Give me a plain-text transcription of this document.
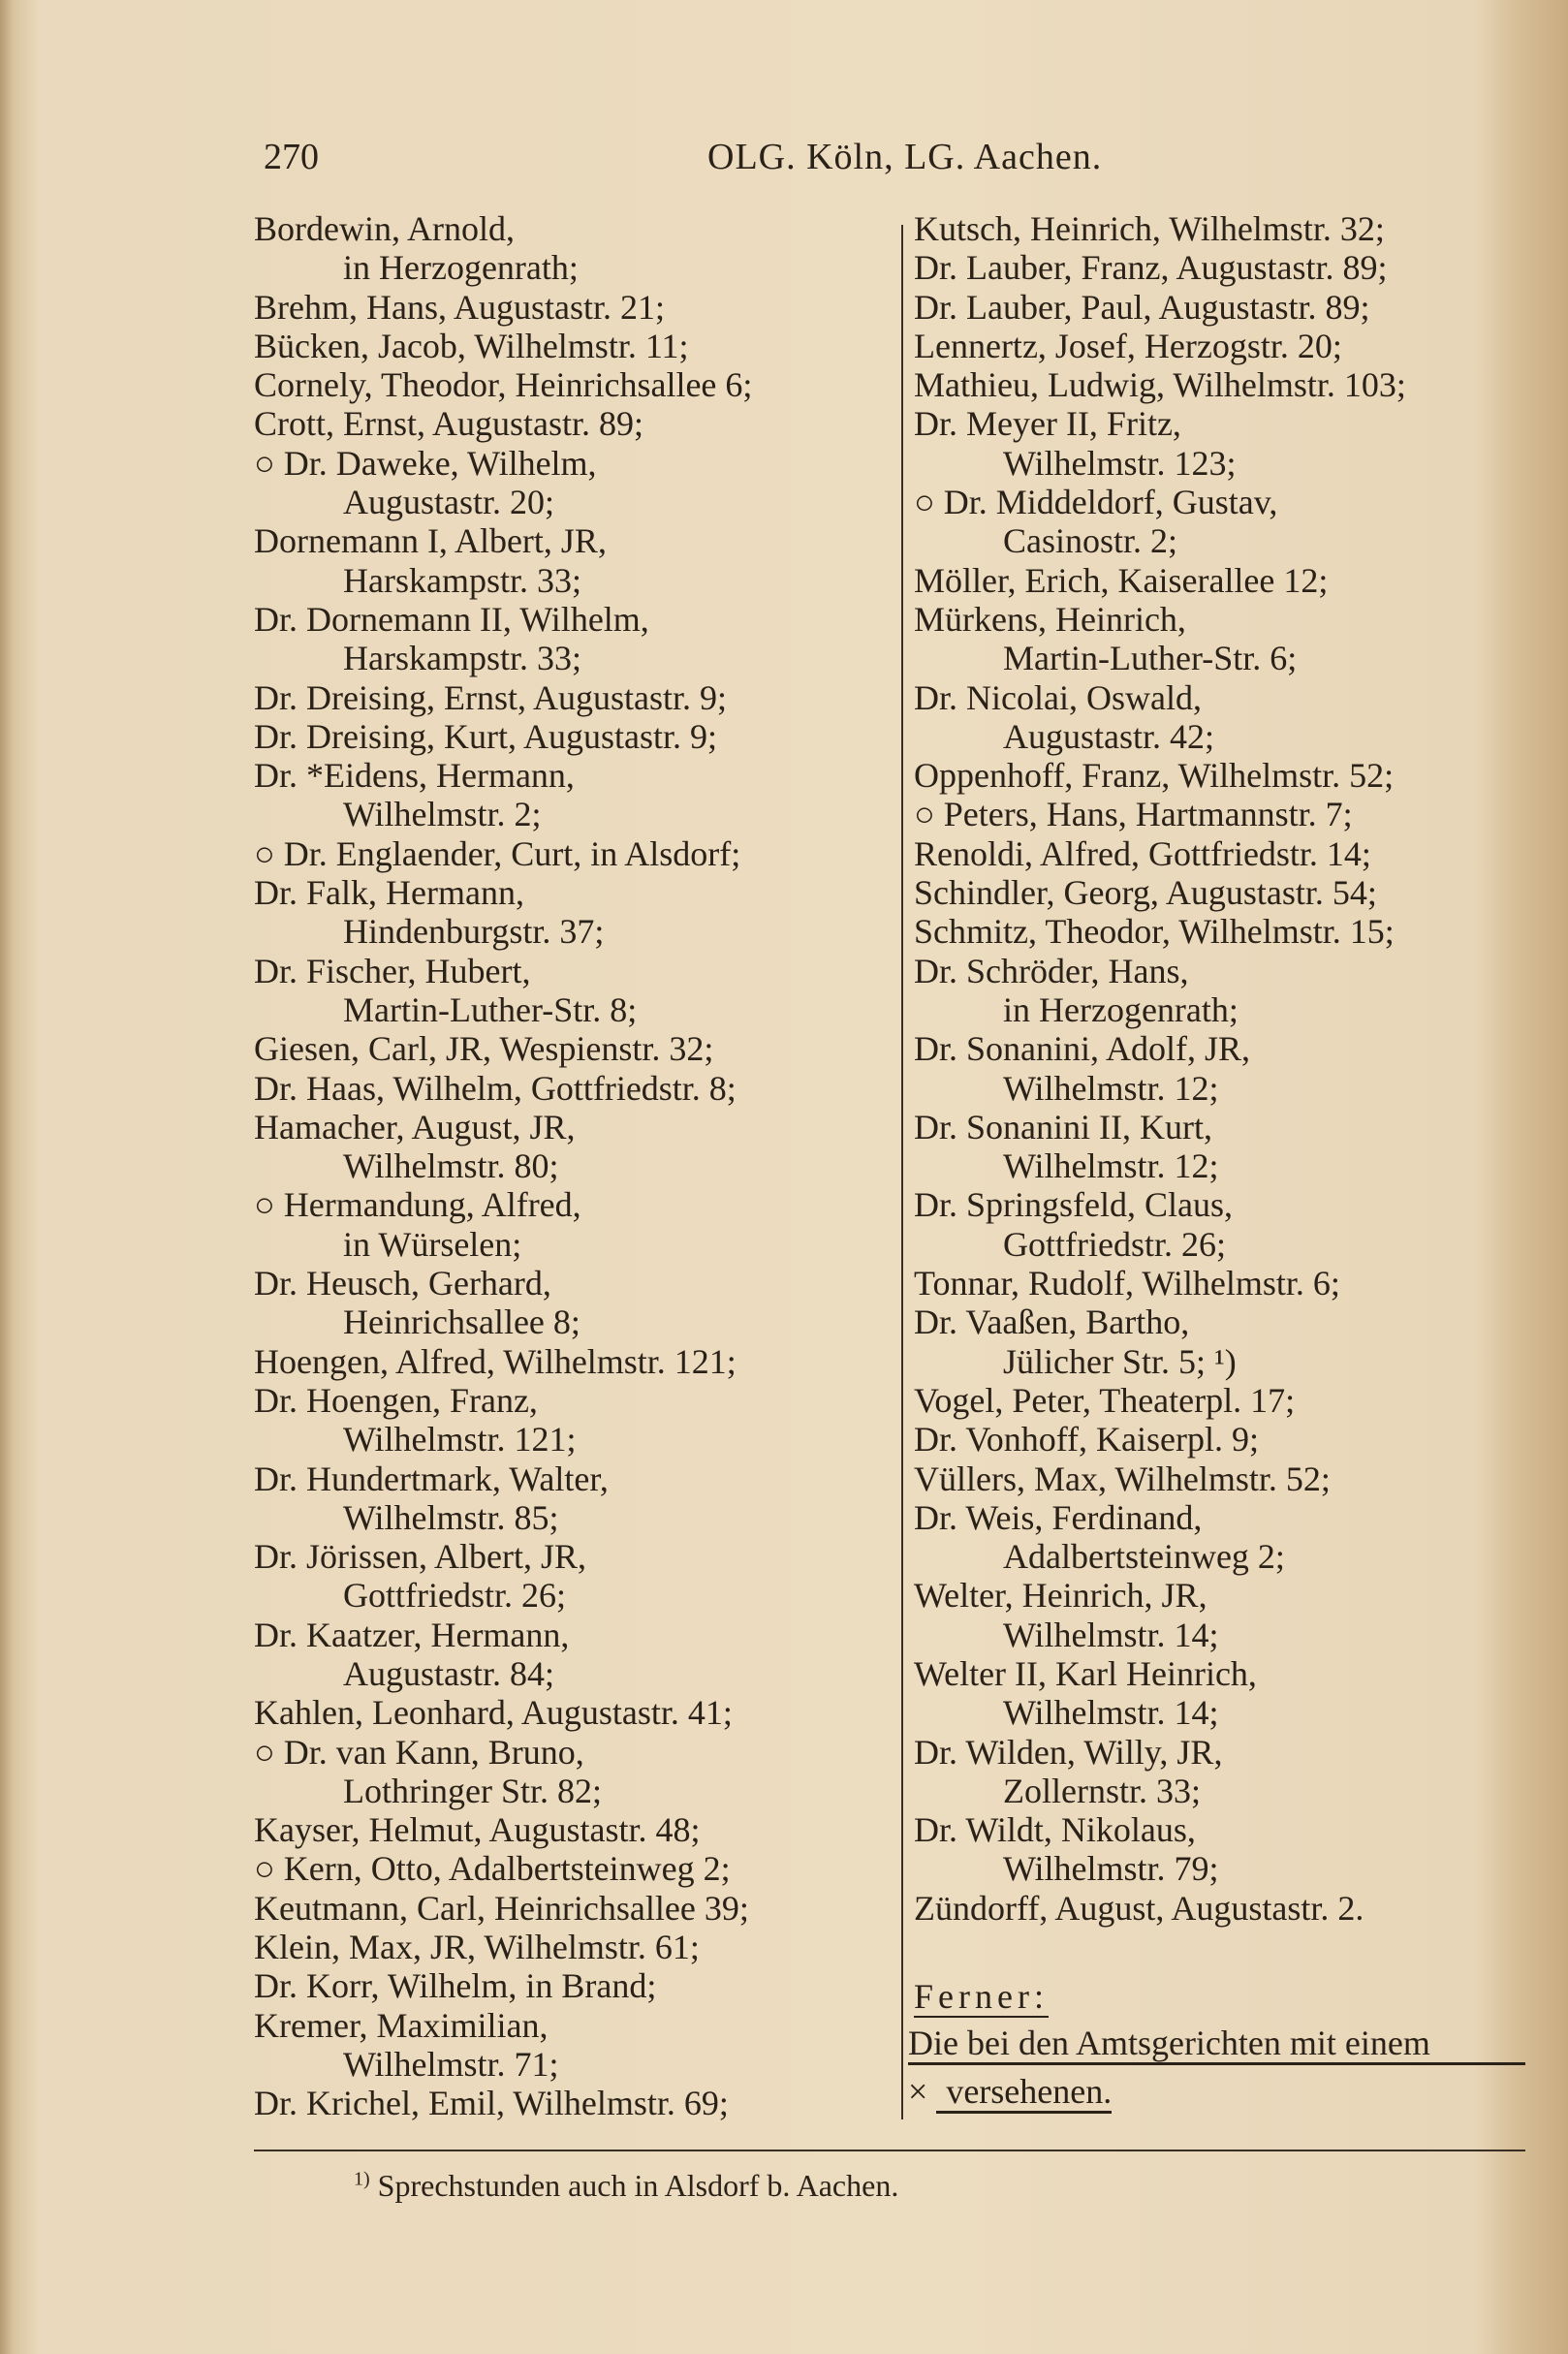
270	OLG. Köln, LG. Aachen.
Bordewin, Arnold,
in Herzogenrath;
Brehm, Hans, Augustastr. 21;
Bücken, Jacob, Wilhelmstr. 11;
Cornely, Theodor, Heinrichsallee 6;
Crott, Ernst, Augustastr. 89;
○ Dr. Daweke, Wilhelm,
Augustastr. 20;
Dornemann I, Albert, JR,
Harskampstr. 33;
Dr. Dornemann II, Wilhelm,
Harskampstr. 33;
Dr. Dreising, Ernst, Augustastr. 9;
Dr. Dreising, Kurt, Augustastr. 9;
Dr. *Eidens, Hermann,
Wilhelmstr. 2;
○ Dr. Englaender, Curt, in Alsdorf;
Dr. Falk, Hermann,
Hindenburgstr. 37;
Dr. Fischer, Hubert,
Martin-Luther-Str. 8;
Giesen, Carl, JR, Wespienstr. 32;
Dr. Haas, Wilhelm, Gottfriedstr. 8;
Hamacher, August, JR,
Wilhelmstr. 80;
○ Hermandung, Alfred,
in Würselen;
Dr. Heusch, Gerhard,
Heinrichsallee 8;
Hoengen, Alfred, Wilhelmstr. 121;
Dr. Hoengen, Franz,
Wilhelmstr. 121;
Dr. Hundertmark, Walter,
Wilhelmstr. 85;
Dr. Jörissen, Albert, JR,
Gottfriedstr. 26;
Dr. Kaatzer, Hermann,
Augustastr. 84;
Kahlen, Leonhard, Augustastr. 41;
○ Dr. van Kann, Bruno,
Lothringer Str. 82;
Kayser, Helmut, Augustastr. 48;
○ Kern, Otto, Adalbertsteinweg 2;
Keutmann, Carl, Heinrichsallee 39;
Klein, Max, JR, Wilhelmstr. 61;
Dr. Korr, Wilhelm, in Brand;
Kremer, Maximilian,
Wilhelmstr. 71;
Dr. Krichel, Emil, Wilhelmstr. 69;
Kutsch, Heinrich, Wilhelmstr. 32;
Dr. Lauber, Franz, Augustastr. 89;
Dr. Lauber, Paul, Augustastr. 89;
Lennertz, Josef, Herzogstr. 20;
Mathieu, Ludwig, Wilhelmstr. 103;
Dr. Meyer II, Fritz,
Wilhelmstr. 123;
○ Dr. Middeldorf, Gustav,
Casinostr. 2;
Möller, Erich, Kaiserallee 12;
Mürkens, Heinrich,
Martin-Luther-Str. 6;
Dr. Nicolai, Oswald,
Augustastr. 42;
Oppenhoff, Franz, Wilhelmstr. 52;
○ Peters, Hans, Hartmannstr. 7;
Renoldi, Alfred, Gottfriedstr. 14;
Schindler, Georg, Augustastr. 54;
Schmitz, Theodor, Wilhelmstr. 15;
Dr. Schröder, Hans,
in Herzogenrath;
Dr. Sonanini, Adolf, JR,
Wilhelmstr. 12;
Dr. Sonanini II, Kurt,
Wilhelmstr. 12;
Dr. Springsfeld, Claus,
Gottfriedstr. 26;
Tonnar, Rudolf, Wilhelmstr. 6;
Dr. Vaaßen, Bartho,
Jülicher Str. 5; ¹)
Vogel, Peter, Theaterpl. 17;
Dr. Vonhoff, Kaiserpl. 9;
Vüllers, Max, Wilhelmstr. 52;
Dr. Weis, Ferdinand,
Adalbertsteinweg 2;
Welter, Heinrich, JR,
Wilhelmstr. 14;
Welter II, Karl Heinrich,
Wilhelmstr. 14;
Dr. Wilden, Willy, JR,
Zollernstr. 33;
Dr. Wildt, Nikolaus,
Wilhelmstr. 79;
Zündorff, August, Augustastr. 2.
Ferner:
Die bei den Amtsgerichten mit einem
× versehenen.
$^{1)}$ Sprechstunden auch in Alsdorf b. Aachen.
